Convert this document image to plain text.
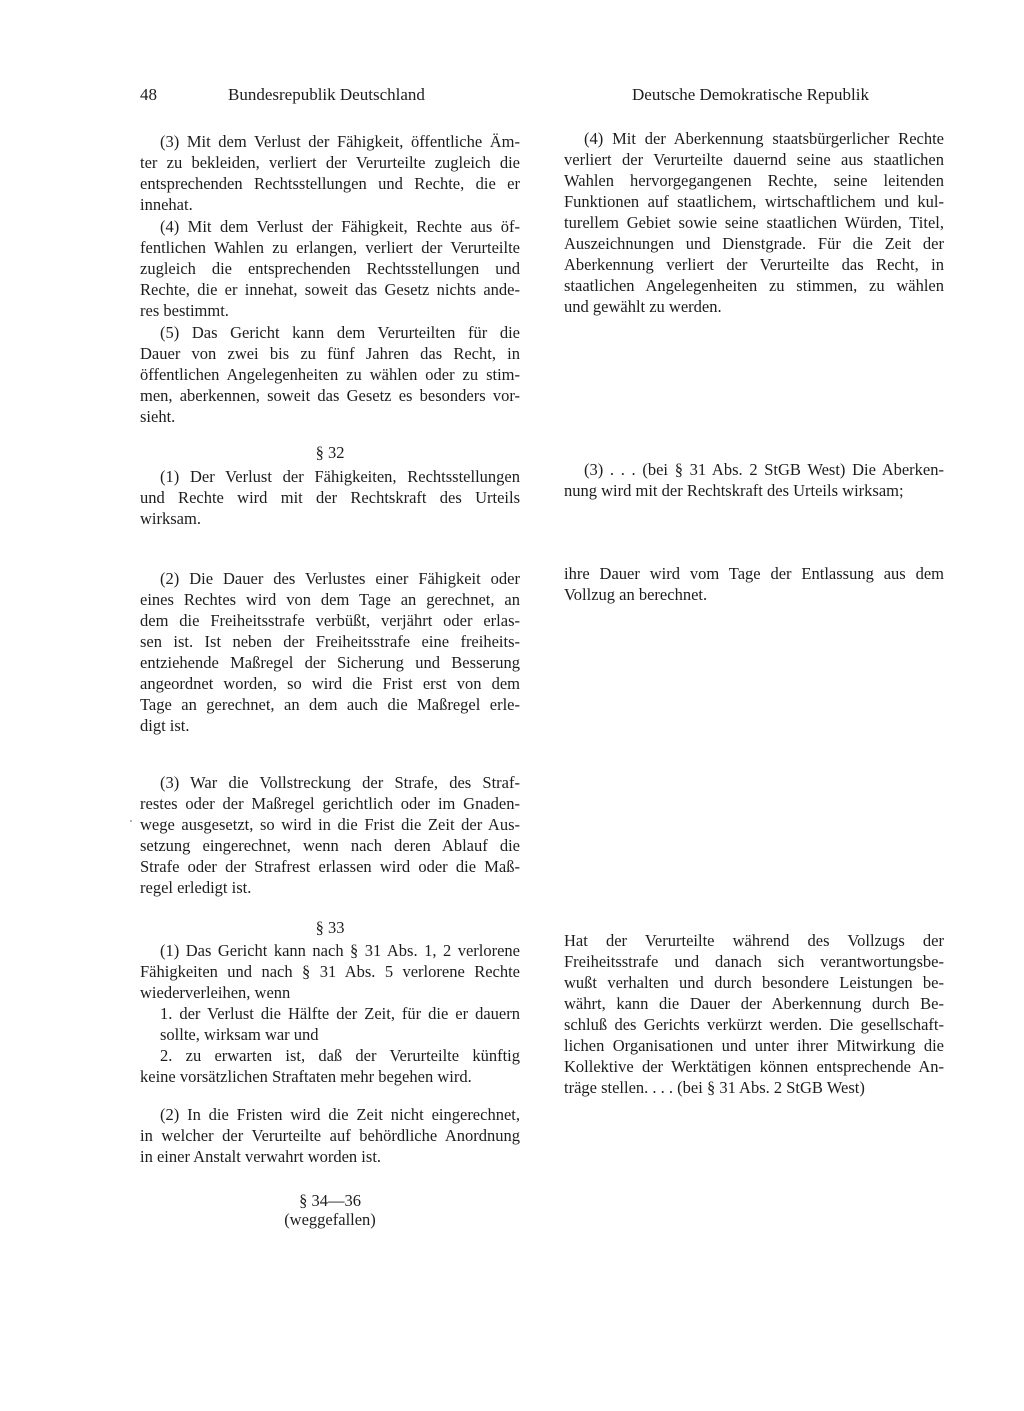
48	Bundesrepublik Deutschland	Deutsche Demokratische Republik
(3) Mit dem Verlust der Fähigkeit, öffentliche Äm-
ter zu bekleiden, verliert der Verurteilte zugleich die
entsprechenden Rechtsstellungen und Rechte, die er
innehat.
(4) Mit dem Verlust der Fähigkeit, Rechte aus öf-
fentlichen Wahlen zu erlangen, verliert der Verurteilte
zugleich die entsprechenden Rechtsstellungen und
Rechte, die er innehat, soweit das Gesetz nichts ande-
res bestimmt.
(5) Das Gericht kann dem Verurteilten für die
Dauer von zwei bis zu fünf Jahren das Recht, in
öffentlichen Angelegenheiten zu wählen oder zu stim-
men, aberkennen, soweit das Gesetz es besonders vor-
sieht.
§ 32
(1) Der Verlust der Fähigkeiten, Rechtsstellungen
und Rechte wird mit der Rechtskraft des Urteils
wirksam.
(2) Die Dauer des Verlustes einer Fähigkeit oder
eines Rechtes wird von dem Tage an gerechnet, an
dem die Freiheitsstrafe verbüßt, verjährt oder erlas-
sen ist. Ist neben der Freiheitsstrafe eine freiheits-
entziehende Maßregel der Sicherung und Besserung
angeordnet worden, so wird die Frist erst von dem
Tage an gerechnet, an dem auch die Maßregel erle-
digt ist.
(3) War die Vollstreckung der Strafe, des Straf-
restes oder der Maßregel gerichtlich oder im Gnaden-
wege ausgesetzt, so wird in die Frist die Zeit der Aus-
setzung eingerechnet, wenn nach deren Ablauf die
Strafe oder der Strafrest erlassen wird oder die Maß-
regel erledigt ist.
§ 33
(1) Das Gericht kann nach § 31 Abs. 1, 2 verlorene
Fähigkeiten und nach § 31 Abs. 5 verlorene Rechte
wiederverleihen, wenn
1. der Verlust die Hälfte der Zeit, für die er dauern
sollte, wirksam war und
2. zu erwarten ist, daß der Verurteilte künftig
keine vorsätzlichen Straftaten mehr begehen wird.
(2) In die Fristen wird die Zeit nicht eingerechnet,
in welcher der Verurteilte auf behördliche Anordnung
in einer Anstalt verwahrt worden ist.
§ 34—36
(weggefallen)
(4) Mit der Aberkennung staatsbürgerlicher Rechte
verliert der Verurteilte dauernd seine aus staatlichen
Wahlen hervorgegangenen Rechte, seine leitenden
Funktionen auf staatlichem, wirtschaftlichem und kul-
turellem Gebiet sowie seine staatlichen Würden, Titel,
Auszeichnungen und Dienstgrade. Für die Zeit der
Aberkennung verliert der Verurteilte das Recht, in
staatlichen Angelegenheiten zu stimmen, zu wählen
und gewählt zu werden.
(3) . . . (bei § 31 Abs. 2 StGB West) Die Aberken-
nung wird mit der Rechtskraft des Urteils wirksam;
ihre Dauer wird vom Tage der Entlassung aus dem
Vollzug an berechnet.
Hat der Verurteilte während des Vollzugs der
Freiheitsstrafe und danach sich verantwortungsbe-
wußt verhalten und durch besondere Leistungen be-
währt, kann die Dauer der Aberkennung durch Be-
schluß des Gerichts verkürzt werden. Die gesellschaft-
lichen Organisationen und unter ihrer Mitwirkung die
Kollektive der Werktätigen können entsprechende An-
träge stellen. . . . (bei § 31 Abs. 2 StGB West)
